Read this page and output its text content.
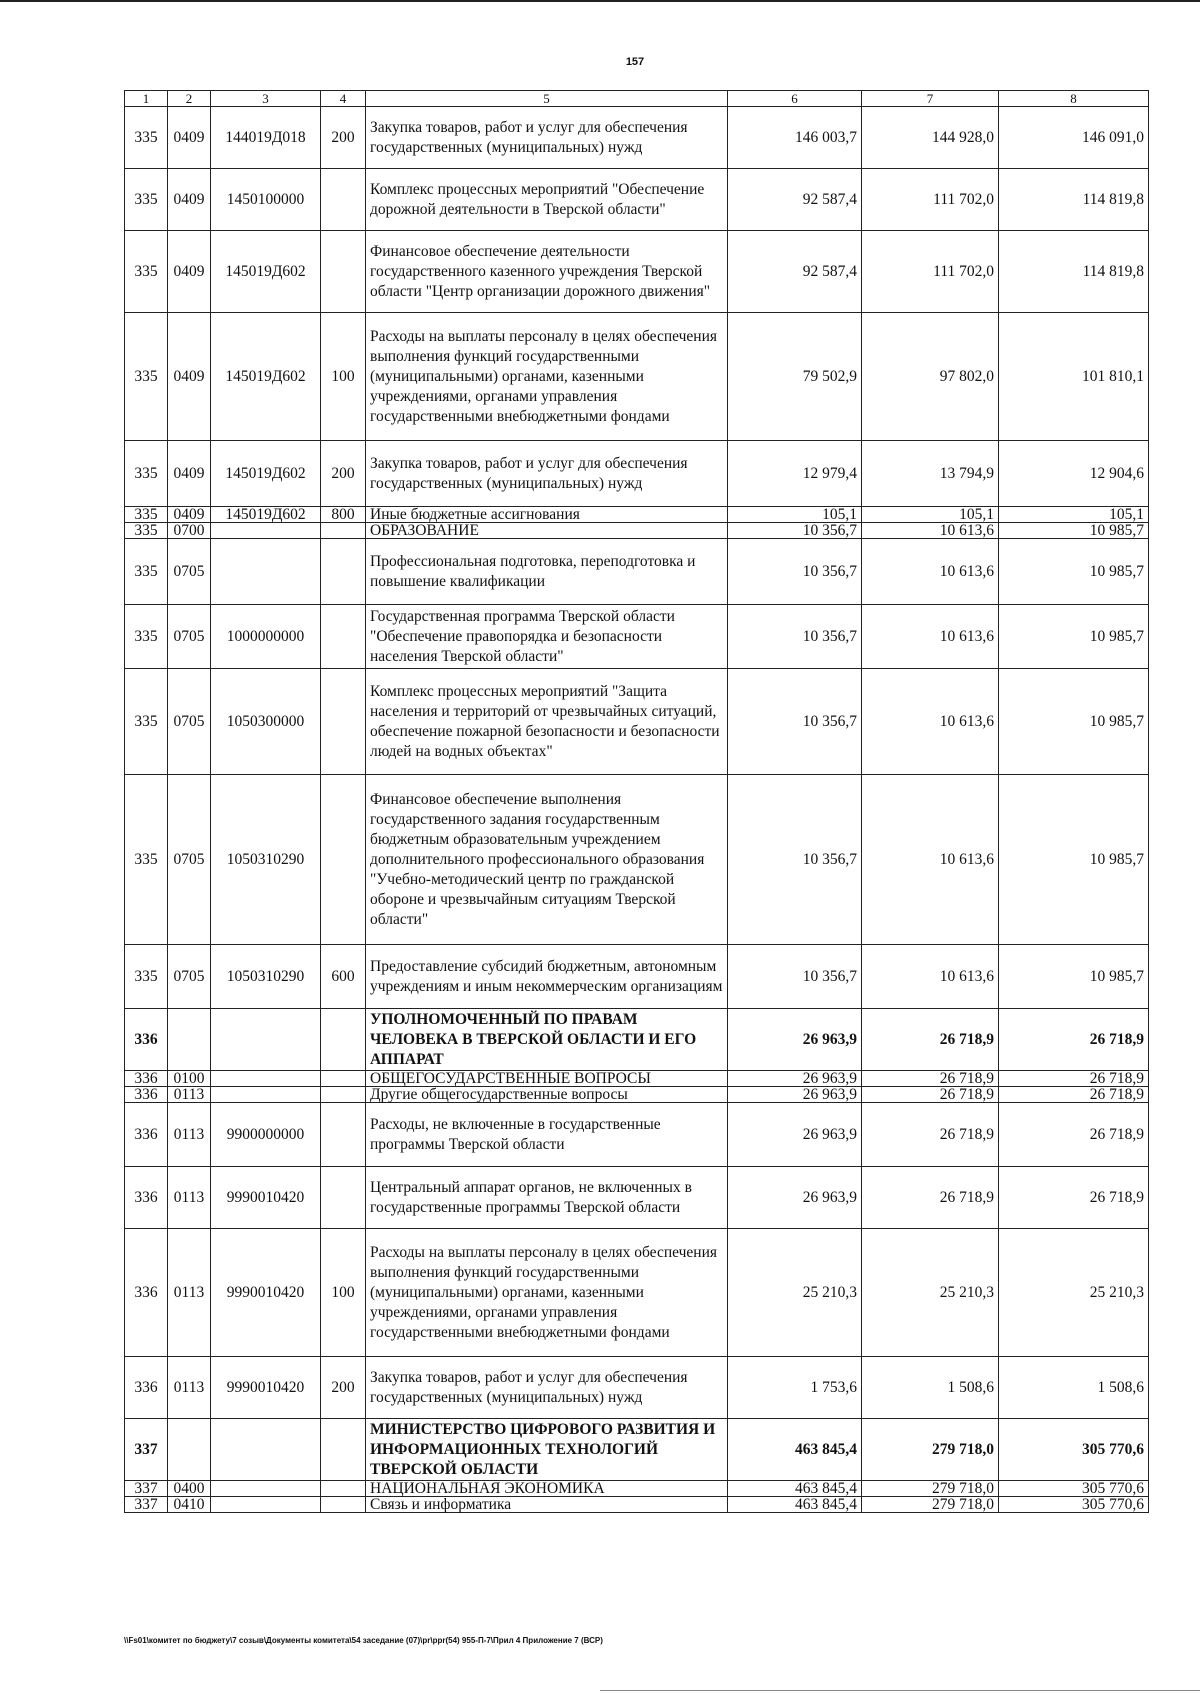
157
1	2	3	4	5	6	7	8
335	0409	144019Д018	200	Закупка товаров, работ и услуг для обеспечения государственных (муниципальных) нужд	146 003,7	144 928,0	146 091,0
335	0409	1450100000		Комплекс процессных мероприятий "Обеспечение дорожной деятельности в Тверской области"	92 587,4	111 702,0	114 819,8
335	0409	145019Д602		Финансовое обеспечение деятельности государственного казенного учреждения Тверской области "Центр организации дорожного движения"	92 587,4	111 702,0	114 819,8
335	0409	145019Д602	100	Расходы на выплаты персоналу в целях обеспечения выполнения функций государственными (муниципальными) органами, казенными учреждениями, органами управления государственными внебюджетными фондами	79 502,9	97 802,0	101 810,1
335	0409	145019Д602	200	Закупка товаров, работ и услуг для обеспечения государственных (муниципальных) нужд	12 979,4	13 794,9	12 904,6
335	0409	145019Д602	800	Иные бюджетные ассигнования	105,1	105,1	105,1
335	0700			ОБРАЗОВАНИЕ	10 356,7	10 613,6	10 985,7
335	0705			Профессиональная подготовка, переподготовка и повышение квалификации	10 356,7	10 613,6	10 985,7
335	0705	1000000000		Государственная программа Тверской области "Обеспечение правопорядка и безопасности населения Тверской области"	10 356,7	10 613,6	10 985,7
335	0705	1050300000		Комплекс процессных мероприятий "Защита населения и территорий от чрезвычайных ситуаций, обеспечение пожарной безопасности и безопасности людей на водных объектах"	10 356,7	10 613,6	10 985,7
335	0705	1050310290		Финансовое обеспечение выполнения государственного задания государственным бюджетным образовательным учреждением дополнительного профессионального образования "Учебно-методический центр по гражданской обороне и чрезвычайным ситуациям Тверской области"	10 356,7	10 613,6	10 985,7
335	0705	1050310290	600	Предоставление субсидий бюджетным, автономным учреждениям и иным некоммерческим организациям	10 356,7	10 613,6	10 985,7
336				УПОЛНОМОЧЕННЫЙ ПО ПРАВАМ ЧЕЛОВЕКА В ТВЕРСКОЙ ОБЛАСТИ И ЕГО АППАРАТ	26 963,9	26 718,9	26 718,9
336	0100			ОБЩЕГОСУДАРСТВЕННЫЕ ВОПРОСЫ	26 963,9	26 718,9	26 718,9
336	0113			Другие общегосударственные вопросы	26 963,9	26 718,9	26 718,9
336	0113	9900000000		Расходы, не включенные в государственные программы Тверской области	26 963,9	26 718,9	26 718,9
336	0113	9990010420		Центральный аппарат органов, не включенных в государственные программы Тверской области	26 963,9	26 718,9	26 718,9
336	0113	9990010420	100	Расходы на выплаты персоналу в целях обеспечения выполнения функций государственными (муниципальными) органами, казенными учреждениями, органами управления государственными внебюджетными фондами	25 210,3	25 210,3	25 210,3
336	0113	9990010420	200	Закупка товаров, работ и услуг для обеспечения государственных (муниципальных) нужд	1 753,6	1 508,6	1 508,6
337				МИНИСТЕРСТВО ЦИФРОВОГО РАЗВИТИЯ И ИНФОРМАЦИОННЫХ ТЕХНОЛОГИЙ ТВЕРСКОЙ ОБЛАСТИ	463 845,4	279 718,0	305 770,6
337	0400			НАЦИОНАЛЬНАЯ ЭКОНОМИКА	463 845,4	279 718,0	305 770,6
337	0410			Связь и информатика	463 845,4	279 718,0	305 770,6
\\Fs01\комитет по бюджету\7 созыв\Документы комитета\54 заседание (07)\pr\ppr(54) 955-П-7\Прил 4 Приложение 7 (ВСР)
